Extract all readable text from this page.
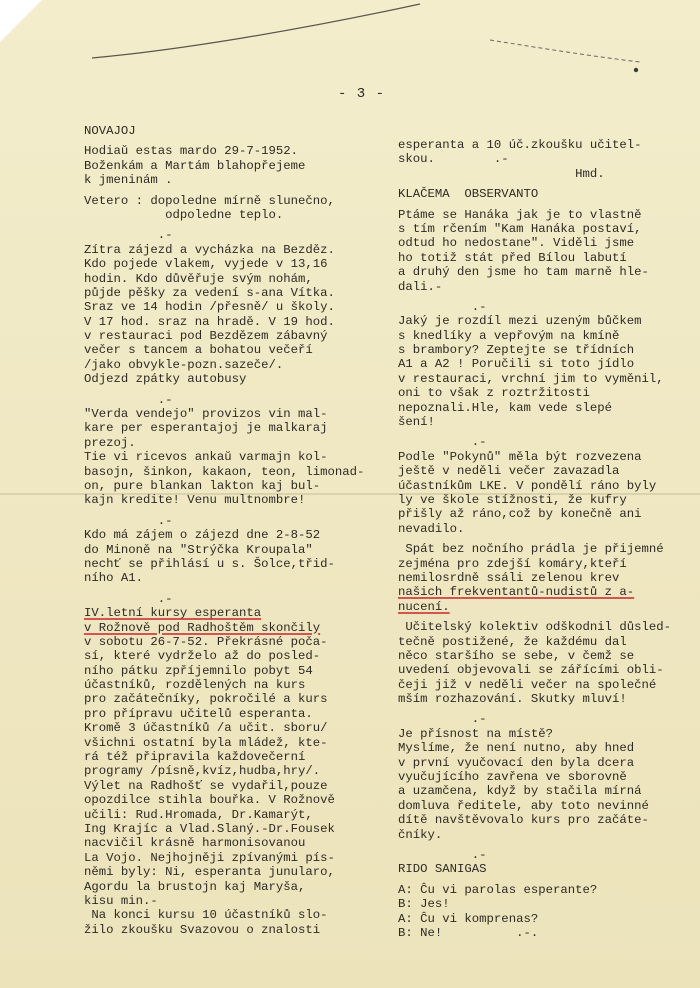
- 3 -
NOVAJOJ
Hodiaŭ estas mardo 29-7-1952.
Boženkám a Martám blahopřejeme
k jmeninám .
Vetero : dopolednе mírně slunečno,
odpoledne teplo.
.-
Zítra zájezd a vycházka na Bezděz.
Kdo pojede vlakem, vyjede v 13,16
hodin. Kdo důvěřuje svým nohám,
půjde pěšky za vedení s-ana Vítka.
Sraz ve 14 hodin /přesně/ u školy.
V 17 hod. sraz na hradě. V 19 hod.
v restauraci pod Bezdězem zábavný
večer s tancem a bohatou večeří
/jako obvykle-pozn.sazeče/.
Odjezd zpátky autobusy
.-
"Verda vendejo" provizos vin mal-
kare per esperantajoj je malkaraj
prezoj.
Tie vi ricevos ankaŭ varmajn kol-
basojn, šinkon, kakaon, teon, limonad-
on, pure blankan lakton kaj bul-
kajn kredite! Venu multnombre!
.-
Kdo má zájem o zájezd dne 2-8-52
do Minoně na "Strýčka Kroupala"
nechť se přihlásí u s. Šolce,třid-
ního A1.
.-
IV.letní kursy esperanta
v Rožnově pod Radhoštěm skončily
v sobotu 26-7-52. Překrásné poča-
sí, které vydrželo až do posled-
ního pátku zpříjemnilo pobyt 54
účastníků, rozdělených na kurs
pro začátečníky, pokročilé a kurs
pro přípravu učitelů esperanta.
Kromě 3 účastníků /a učit. sboru/
všichni ostatní byla mládež, kte-
rá též připravila každovečerní
programy /písně,kvíz,hudba,hry/.
Výlet na Radhošť se vydařil,pouze
opozdilce stihla bouřka. V Rožnově
učili: Rud.Hromada, Dr.Kamarýt,
Ing Krajíc a Vlad.Slaný.-Dr.Fousek
nacvičil krásně harmonisovanou
La Vojo. Nejhojněji zpívanými pís-
němi byly: Ni, esperanta junularo,
Agordu la brustojn kaj Maryša,
kisu min.-
Na konci kursu 10 účastníků slo-
žilo zkoušku Svazovou o znalosti
esperanta a 10 úč.zkoušku učitel-
skou.        .-
Hmd.
KLAČEMA  OBSERVANTO
Ptáme se Hanáka jak je to vlastně
s tím rčením "Kam Hanáka postaví,
odtud ho nedostane". Viděli jsme
ho totiž stát před Bílou labutí
a druhý den jsme ho tam marně hle-
dali.-
.-
Jaký je rozdíl mezi uzeným bůčkem
s knedlíky a vepřovým na kmíně
s brambory? Zeptejte se třídních
A1 a A2 ! Poručili si toto jídlo
v restauraci, vrchní jim to vyměnil,
oni to však z roztržitosti
nepoznali.Hle, kam vede slepé
šení!
.-
Podle "Pokynů" měla být rozvezena
ještě v neděli večer zavazadla
účastníkům LKE. V pondělí ráno byly
ly ve škole stížnosti, že kufry
přišly až ráno,což by konečně ani
nevadilo.
Spát bez nočního prádla je přijemné
zejména pro zdejší komáry,kteří
nemilosrdně ssáli zelenou krev
našich frekventantů-nudistů z a-
nucení.
Učitelský kolektiv odškodnil důsled-
tečně postižené, že každému dal
něco staršího se sebe, v čemž se
uvedení objevovali se zářícími obli-
čeji již v neděli večer na společné
mším rozhazování. Skutky mluví!
.-
Je přísnost na místě?
Myslíme, že není nutno, aby hned
v první vyučovací den byla dcera
vyučujícího zavřena ve sborovně
a uzamčena, když by stačila mírná
domluva ředitele, aby toto nevinné
dítě navštěvovalo kurs pro začáte-
čníky.
.-
RIDO SANIGAS
A: Ĉu vi parolas esperante?
B: Jes!
A: Ĉu vi komprenas?
B: Ne!          .-.
